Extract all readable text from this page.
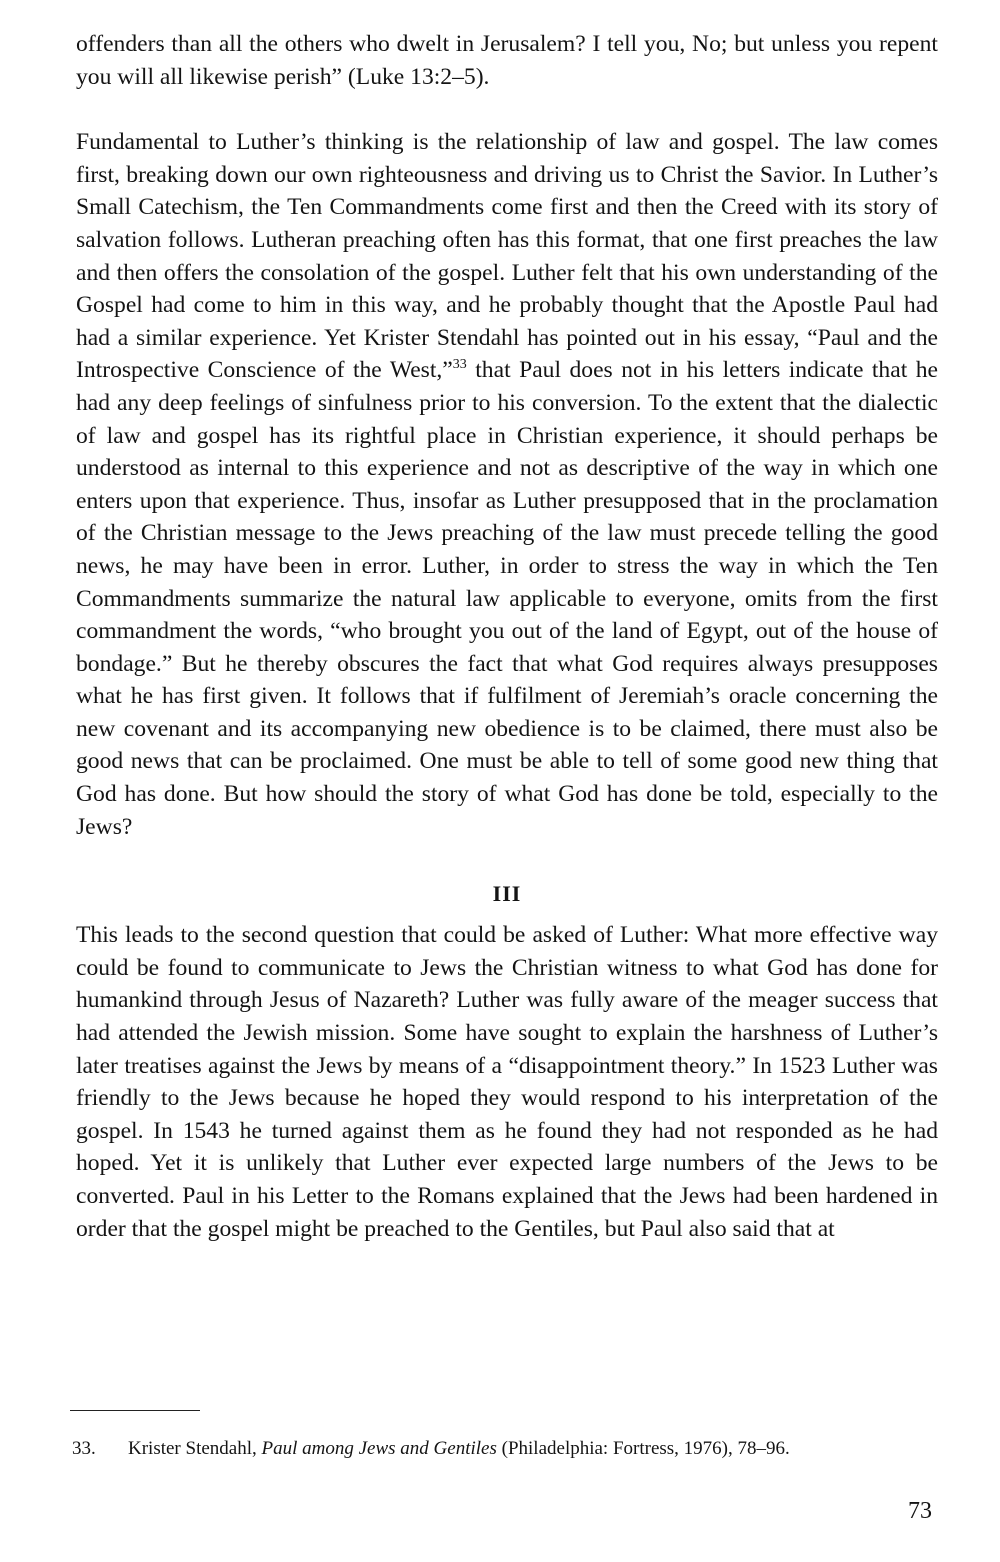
offenders than all the others who dwelt in Jerusalem? I tell you, No; but unless you repent you will all likewise perish” (Luke 13:2–5).

Fundamental to Luther’s thinking is the relationship of law and gospel. The law comes first, breaking down our own righteousness and driving us to Christ the Savior. In Luther’s Small Catechism, the Ten Commandments come first and then the Creed with its story of salvation follows. Lutheran preaching often has this format, that one first preaches the law and then offers the consolation of the gospel. Luther felt that his own understanding of the Gospel had come to him in this way, and he probably thought that the Apostle Paul had had a similar experience. Yet Krister Stendahl has pointed out in his essay, “Paul and the Introspective Conscience of the West,”$^{33}$ that Paul does not in his letters indicate that he had any deep feelings of sinfulness prior to his conversion. To the extent that the dialectic of law and gospel has its rightful place in Christian experience, it should perhaps be understood as internal to this experience and not as descriptive of the way in which one enters upon that experience. Thus, insofar as Luther presupposed that in the proclamation of the Christian message to the Jews preaching of the law must precede telling the good news, he may have been in error. Luther, in order to stress the way in which the Ten Commandments summarize the natural law applicable to everyone, omits from the first commandment the words, “who brought you out of the land of Egypt, out of the house of bondage.” But he thereby obscures the fact that what God requires always presupposes what he has first given. It follows that if fulfilment of Jeremiah’s oracle concerning the new covenant and its accompanying new obedience is to be claimed, there must also be good news that can be proclaimed. One must be able to tell of some good new thing that God has done. But how should the story of what God has done be told, especially to the Jews?

III

This leads to the second question that could be asked of Luther: What more effective way could be found to communicate to Jews the Christian witness to what God has done for humankind through Jesus of Nazareth? Luther was fully aware of the meager success that had attended the Jewish mission. Some have sought to explain the harshness of Luther’s later treatises against the Jews by means of a “disappointment theory.” In 1523 Luther was friendly to the Jews because he hoped they would respond to his interpretation of the gospel. In 1543 he turned against them as he found they had not responded as he had hoped. Yet it is unlikely that Luther ever expected large numbers of the Jews to be converted. Paul in his Letter to the Romans explained that the Jews had been hardened in order that the gospel might be preached to the Gentiles, but Paul also said that at

33. Krister Stendahl, Paul among Jews and Gentiles (Philadelphia: Fortress, 1976), 78–96.
73
